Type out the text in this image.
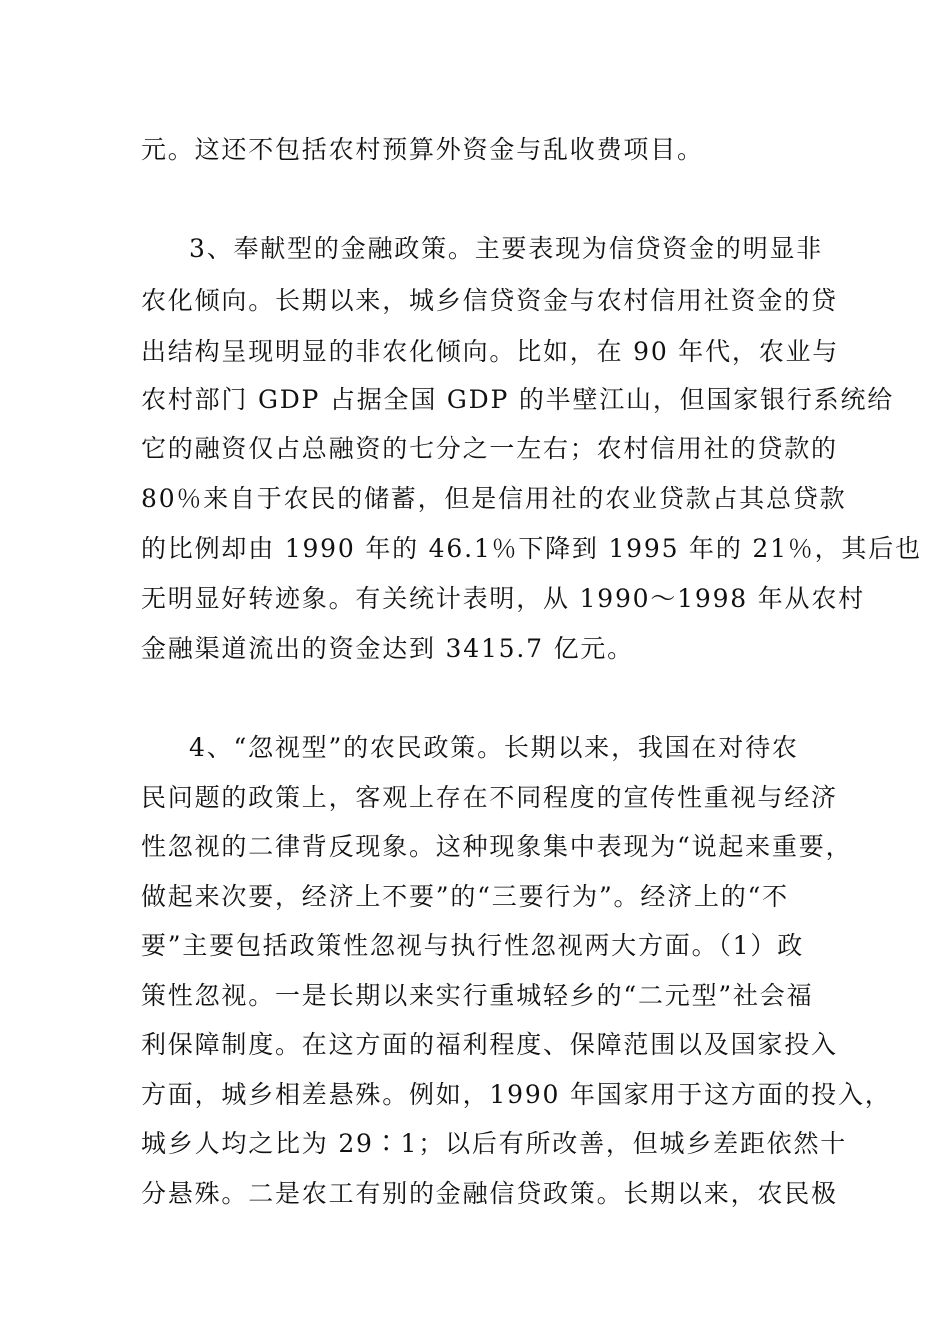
元。这还不包括农村预算外资金与乱收费项目。
3、奉献型的金融政策。主要表现为信贷资金的明显非
农化倾向。长期以来，城乡信贷资金与农村信用社资金的贷
出结构呈现明显的非农化倾向。比如，在 90 年代，农业与
农村部门 GDP 占据全国 GDP 的半壁江山，但国家银行系统给
它的融资仅占总融资的七分之一左右；农村信用社的贷款的
80％来自于农民的储蓄，但是信用社的农业贷款占其总贷款
的比例却由 1990 年的 46.1％下降到 1995 年的 21％，其后也
无明显好转迹象。有关统计表明，从 1990～1998 年从农村
金融渠道流出的资金达到 3415.7 亿元。
4、“忽视型”的农民政策。长期以来，我国在对待农
民问题的政策上，客观上存在不同程度的宣传性重视与经济
性忽视的二律背反现象。这种现象集中表现为“说起来重要，
做起来次要，经济上不要”的“三要行为”。经济上的“不
要”主要包括政策性忽视与执行性忽视两大方面。（1）政
策性忽视。一是长期以来实行重城轻乡的“二元型”社会福
利保障制度。在这方面的福利程度、保障范围以及国家投入
方面，城乡相差悬殊。例如，1990 年国家用于这方面的投入，
城乡人均之比为 29∶1；以后有所改善，但城乡差距依然十
分悬殊。二是农工有别的金融信贷政策。长期以来，农民极
